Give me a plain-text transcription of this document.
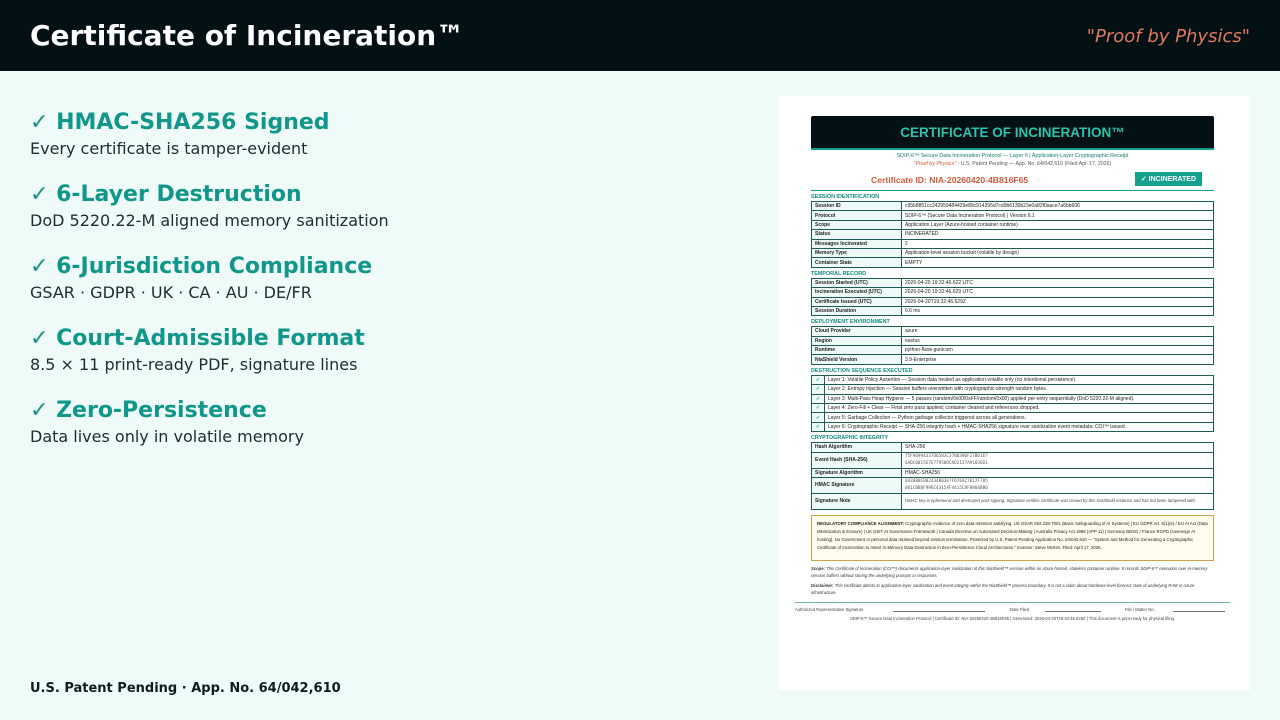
Certificate of Incineration™	"Proof by Physics"
✓ HMAC-SHA256 Signed
Every certificate is tamper-evident
✓ 6-Layer Destruction
DoD 5220.22-M aligned memory sanitization
✓ 6-Jurisdiction Compliance
GSAR · GDPR · UK · CA · AU · DE/FR
✓ Court-Admissible Format
8.5 × 11 print-ready PDF, signature lines
✓ Zero-Persistence
Data lives only in volatile memory
U.S. Patent Pending · App. No. 64/042,610
CERTIFICATE OF INCINERATION™
SDIP-6™ Secure Data Incineration Protocol — Layer 6 | Application-Layer Cryptographic Receipt
"Proof by Physics" · U.S. Patent Pending — App. No. 64/042,610 (Filed Apr. 17, 2026)
Certificate ID: NIA-20260420-4B816F65	✓ INCINERATED
SESSION IDENTIFICATION
Session ID	c95b8851cc242959484429e89c914395d7cd9b6130b23e0a82f0aace7a6bb606
Protocol	SDIP-6™ (Secure Data Incineration Protocol) | Version 6.1
Scope	Application Layer (Azure-hosted container runtime)
Status	INCINERATED
Messages Incinerated	2
Memory Type	Application-level session bucket (volatile by design)
Container State	EMPTY
TEMPORAL RECORD
Session Started (UTC)	2026-04-20 19:32:46.622 UTC
Incineration Executed (UTC)	2026-04-20 19:32:46.629 UTC
Certificate Issued (UTC)	2026-04-20T19:32:46.629Z
Session Duration	6.6 ms
DEPLOYMENT ENVIRONMENT
Cloud Provider	azure
Region	eastus
Runtime	python-flask-gunicorn
NiaShield Version	3.9-Enterprise
DESTRUCTION SEQUENCE EXECUTED
✓	Layer 1: Volatile Policy Assertion — Session data treated as application-volatile only (no intentional persistence).
✓	Layer 2: Entropy Injection — Session buffers overwritten with cryptographic-strength random bytes.
✓	Layer 3: Multi-Pass Heap Hygiene — 5 passes (random/0x00/0xFF/random/0x00) applied per-entry sequentially (DoD 5220.22-M aligned).
✓	Layer 4: Zero-Fill + Clear — Final zero pass applied; container cleared and references dropped.
✓	Layer 5: Garbage Collection — Python garbage collector triggered across all generations.
✓	Layer 6: Cryptographic Receipt — SHA-256 integrity hash + HMAC-SHA256 signature over sanitization event metadata; COI™ issued.
CRYPTOGRAPHIC INTEGRITY
Hash Algorithm	SHA-256
Event Hash (SHA-256)	75F96994337D6583C378D396F27BD1E7
6ADC6815E7E77958DCAD2137A91836D1

Signature Algorithm	HMAC-SHA256
HMAC Signature	043080CB0243480367FD76927017F785
061CBB0F996C4315AF4415C8F8804BB0

Signature Note	HMAC key is ephemeral and destroyed post-signing. Signature verifies certificate was issued by this NiaShield instance and has not been tampered with.
REGULATORY COMPLIANCE ALIGNMENT: Cryptographic evidence of zero data retention satisfying: US GSAR 552.239-7001 (Basic Safeguarding of AI Systems) | EU GDPR Art. 5(1)(e) / EU AI Act (Data Minimization & Erasure) | UK DSIT AI Governance Framework | Canada Directive on Automated Decision-Making | Australia Privacy Act 1988 (APP 11) | Germany BDSG / France RGPD (sovereign AI hosting). No Government or personal data retained beyond session termination. Protected by U.S. Patent Pending Application No. 64/042,610 — "System and Method for Generating a Cryptographic Certificate of Incineration to Attest In-Memory Data Destruction in Zero-Persistence Cloud Architectures." Inventor: Steve McKim. Filed: April 17, 2026.
Scope: This Certificate of Incineration (COI™) documents application-layer sanitization of this NiaShield™ session within an Azure-hosted, stateless container runtime. It records SDIP-6™ execution over in-memory session buffers without storing the underlying prompts or responses.
Disclaimer: This certificate attests to application-layer sanitization and event integrity within the NiaShield™ process boundary. It is not a claim about hardware-level forensic state of underlying RAM or Azure infrastructure.
Authorized Representative Signature	Date Filed	File / Matter No.
SDIP-6™ Secure Data Incineration Protocol | Certificate ID: NIA-20260420-4B816F65 | Generated: 2026-04-20T19:32:46.629Z | This document is print-ready for physical filing.
